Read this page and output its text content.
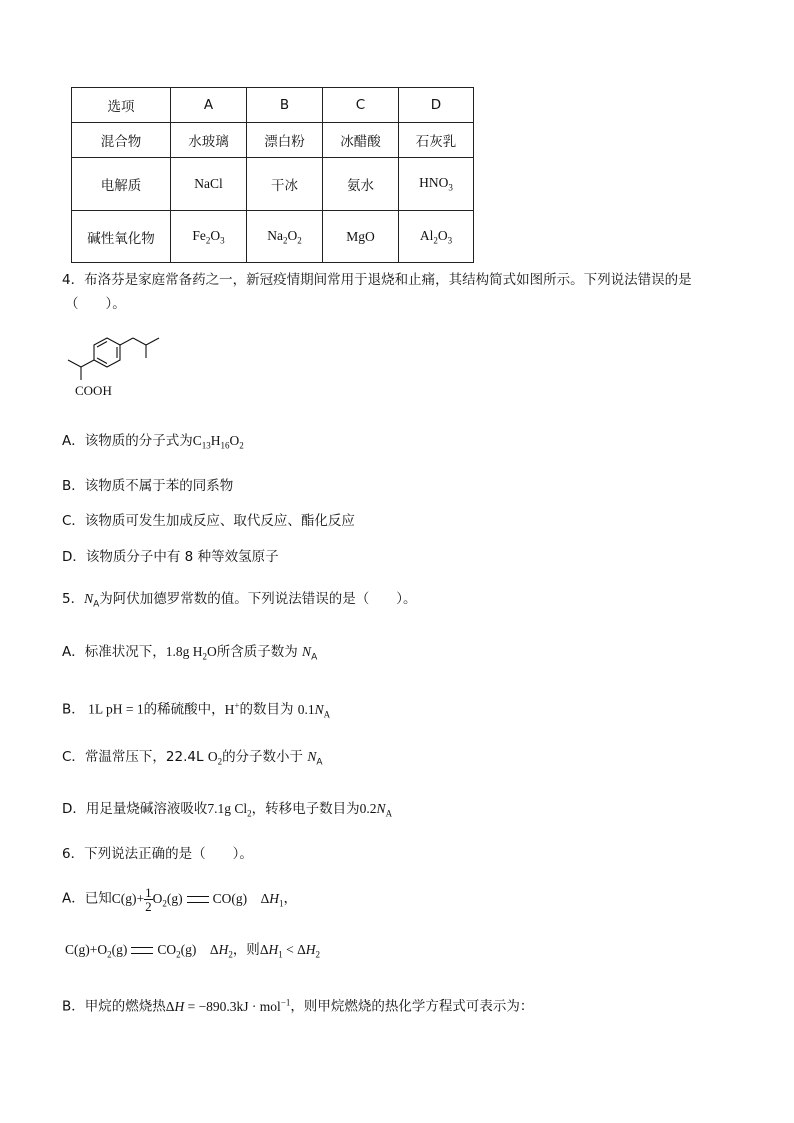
选项	A	B	C	D
混合物	水玻璃	漂白粉	冰醋酸	石灰乳
电解质	NaCl	干冰	氨水	$HNO_3$
碱性氧化物	$Fe_2O_3$	$Na_2O_2$	MgO	$Al_2O_3$
4．布洛芬是家庭常备药之一，新冠疫情期间常用于退烧和止痛，其结构简式如图所示。下列说法错误的是
（　　）。
COOH
A．该物质的分子式为$C_{13}H_{16}O_2$
B．该物质不属于苯的同系物
C．该物质可发生加成反应、取代反应、酯化反应
D．该物质分子中有 8 种等效氢原子
5．$N_A$为阿伏加德罗常数的值。下列说法错误的是（　　）。
A．标准状况下，1.8g $H_2O$所含质子数为 $N_A$
B． 1L pH = 1的稀硫酸中，H+的数目为 $0.1N_A$
C．常温常压下，22.4L $O_2$的分子数小于 $N_A$
D．用足量烧碱溶液吸收7.1g $Cl_2$，转移电子数目为$0.2N_A$
6．下列说法正确的是（　　）。
A．已知$C(g)+ \frac{1}{2} O_2(g)$ CO(g)    $\Delta H_1$，
$C(g)+O_2(g)$ $CO_2(g)$    $\Delta H_2$，则$\Delta H_1 < \Delta H_2$
B．甲烷的燃烧热ΔH = −890.3kJ · mol$^{-1}$，则甲烷燃烧的热化学方程式可表示为：
